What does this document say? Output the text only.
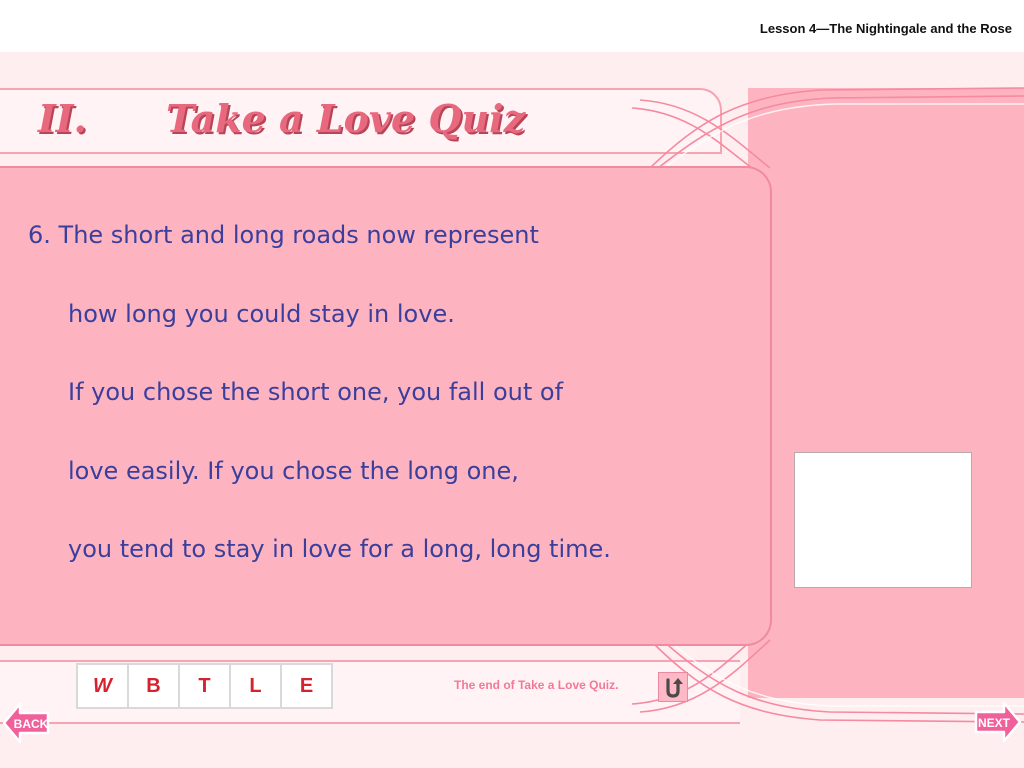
Lesson 4—The Nightingale and the Rose
II. Take a Love Quiz
6. The short and long roads now represent
how long you could stay in love.
If you chose the short one, you fall out of
love easily. If you chose the long one,
you tend to stay in love for a long, long time.
W	B	T	L	E	The end of Take a Love Quiz.
BACK	NEXT
